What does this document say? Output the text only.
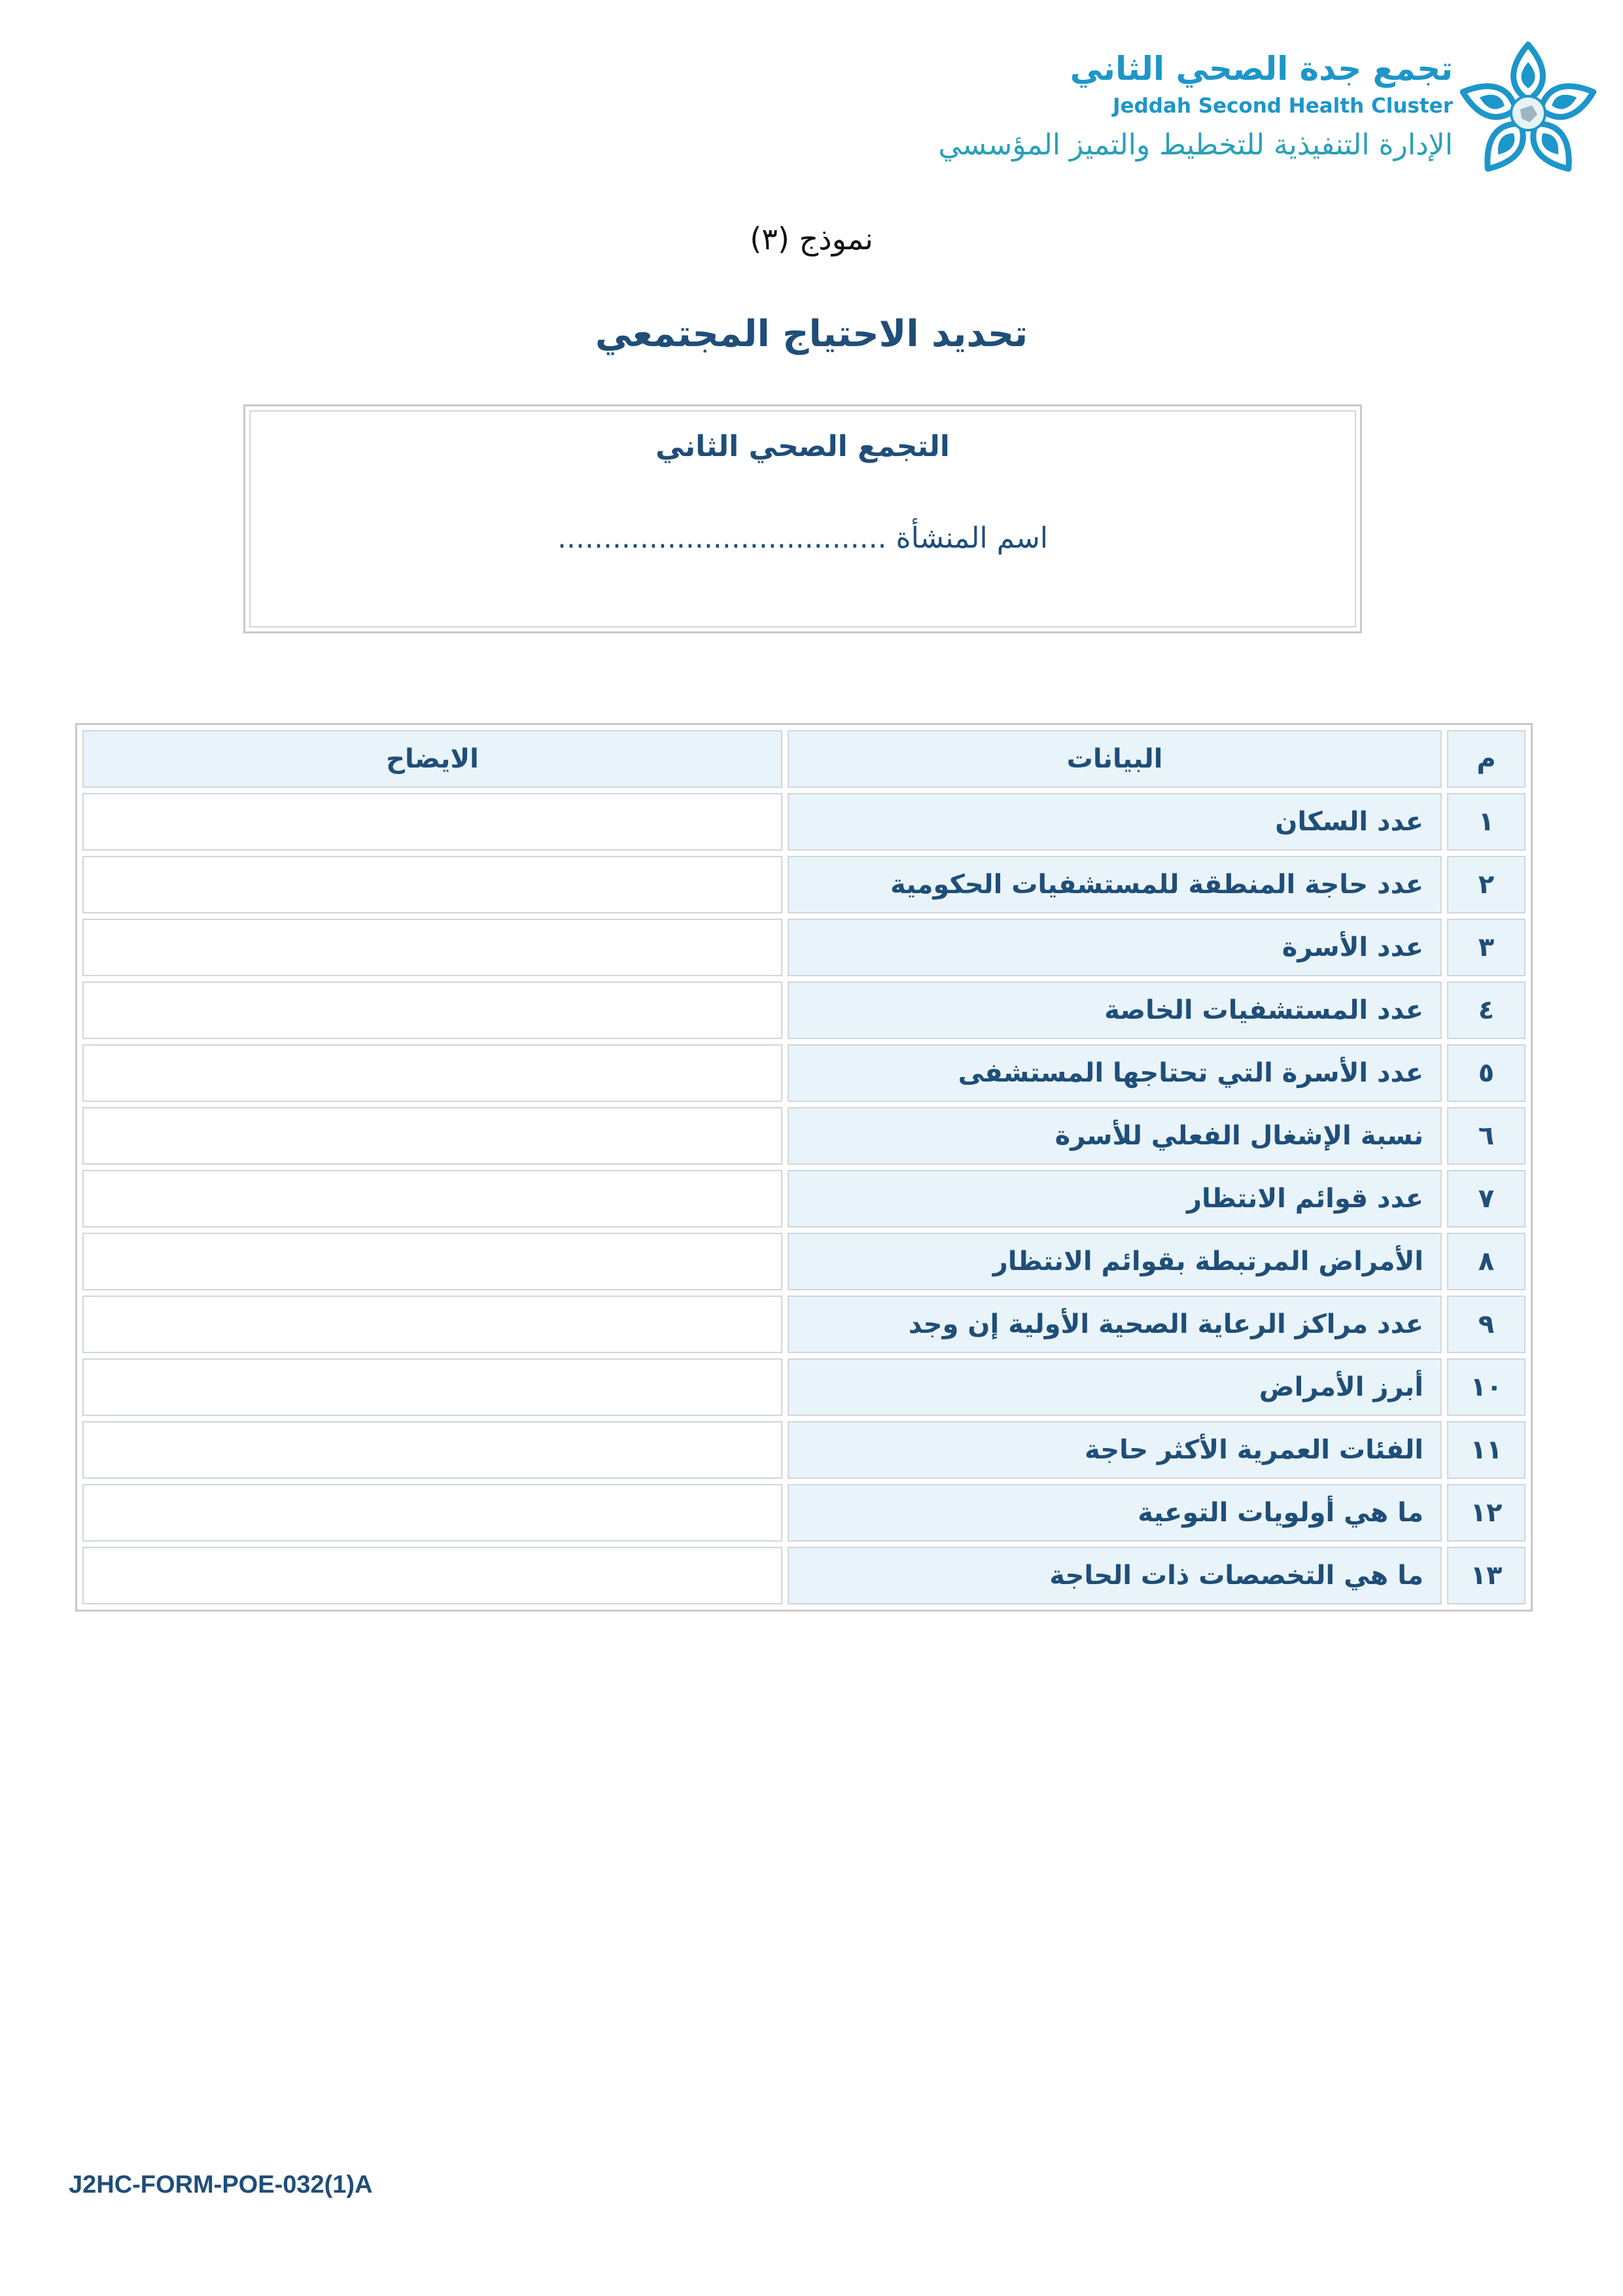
تجمع جدة الصحي الثاني
Jeddah Second Health Cluster
الإدارة التنفيذية للتخطيط والتميز المؤسسي
نموذج (٣)
تحديد الاحتياج المجتمعي
التجمع الصحي الثاني
اسم المنشأة ....................................
م	البيانات	الايضاح
١	عدد السكان	
٢	عدد حاجة المنطقة للمستشفيات الحكومية	
٣	عدد الأسرة	
٤	عدد المستشفيات الخاصة	
٥	عدد الأسرة التي تحتاجها المستشفى	
٦	نسبة الإشغال الفعلي للأسرة	
٧	عدد قوائم الانتظار	
٨	الأمراض المرتبطة بقوائم الانتظار	
٩	عدد مراكز الرعاية الصحية الأولية إن وجد	
١٠	أبرز الأمراض	
١١	الفئات العمرية الأكثر حاجة	
١٢	ما هي أولويات التوعية	
١٣	ما هي التخصصات ذات الحاجة	
J2HC-FORM-POE-032(1)A
